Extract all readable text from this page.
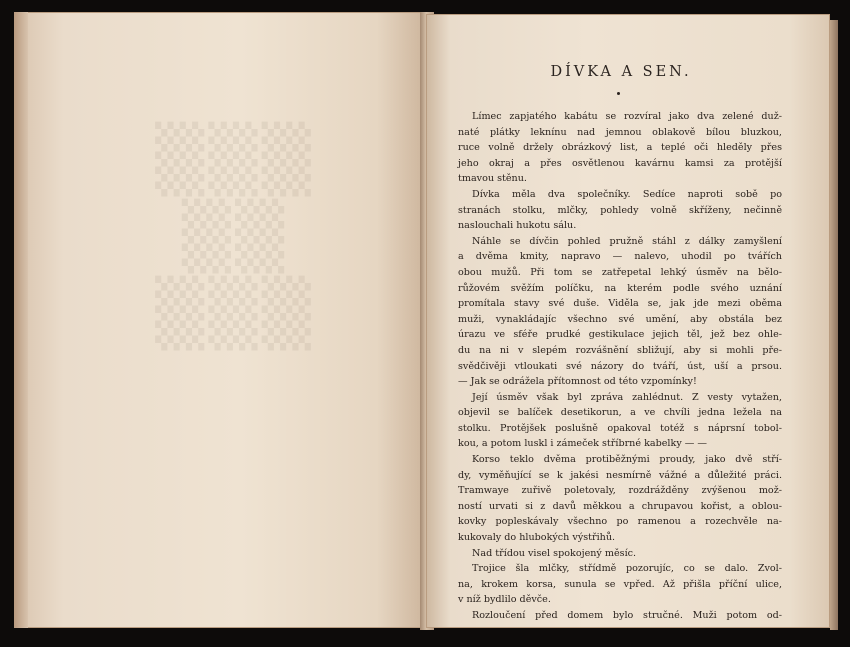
▒▒▒
▒▒
▒▒▒
DÍVKA A SEN.
Límec zapjatého kabátu se rozvíral jako dva zelené duž-
naté plátky leknínu nad jemnou oblakově bílou bluzkou,
ruce volně držely obrázkový list, a teplé oči hleděly přes
jeho okraj a přes osvětlenou kavárnu kamsi za protější
tmavou stěnu.
Dívka měla dva společníky. Sedíce naproti sobě po
stranách stolku, mlčky, pohledy volně skříženy, nečinně
naslouchali hukotu sálu.
Náhle se dívčin pohled pružně stáhl z dálky zamyšlení
a dvěma kmity, napravo — nalevo, uhodil po tvářích
obou mužů. Při tom se zatřepetal lehký úsměv na bělo-
růžovém svěžím políčku, na kterém podle svého uznání
promítala stavy své duše. Viděla se, jak jde mezi oběma
muži, vynakládajíc všechno své umění, aby obstála bez
úrazu ve sféře prudké gestikulace jejich těl, jež bez ohle-
du na ni v slepém rozvášnění sbližují, aby si mohli pře-
svědčivěji vtloukati své názory do tváří, úst, uší a prsou.
— Jak se odrážela přítomnost od této vzpomínky!
Její úsměv však byl zpráva zahlédnut. Z vesty vytažen,
objevil se balíček desetikorun, a ve chvíli jedna ležela na
stolku. Protějšek poslušně opakoval totéž s náprsní tobol-
kou, a potom luskl i zámeček stříbrné kabelky — —
Korso teklo dvěma protiběžnými proudy, jako dvě stří-
dy, vyměňující se k jakési nesmírně vážné a důležité práci.
Tramwaye zuřivě poletovaly, rozdrážděny zvýšenou mož-
ností urvati si z davů měkkou a chrupavou kořist, a oblou-
kovky popleskávaly všechno po ramenou a rozechvěle na-
kukovaly do hlubokých výstřihů.
Nad třídou visel spokojený měsíc.
Trojice šla mlčky, střídmě pozorujíc, co se dalo. Zvol-
na, krokem korsa, sunula se vpřed. Až přišla příční ulice,
v níž bydlilo děvče.
Rozloučení před domem bylo stručné. Muži potom od-
